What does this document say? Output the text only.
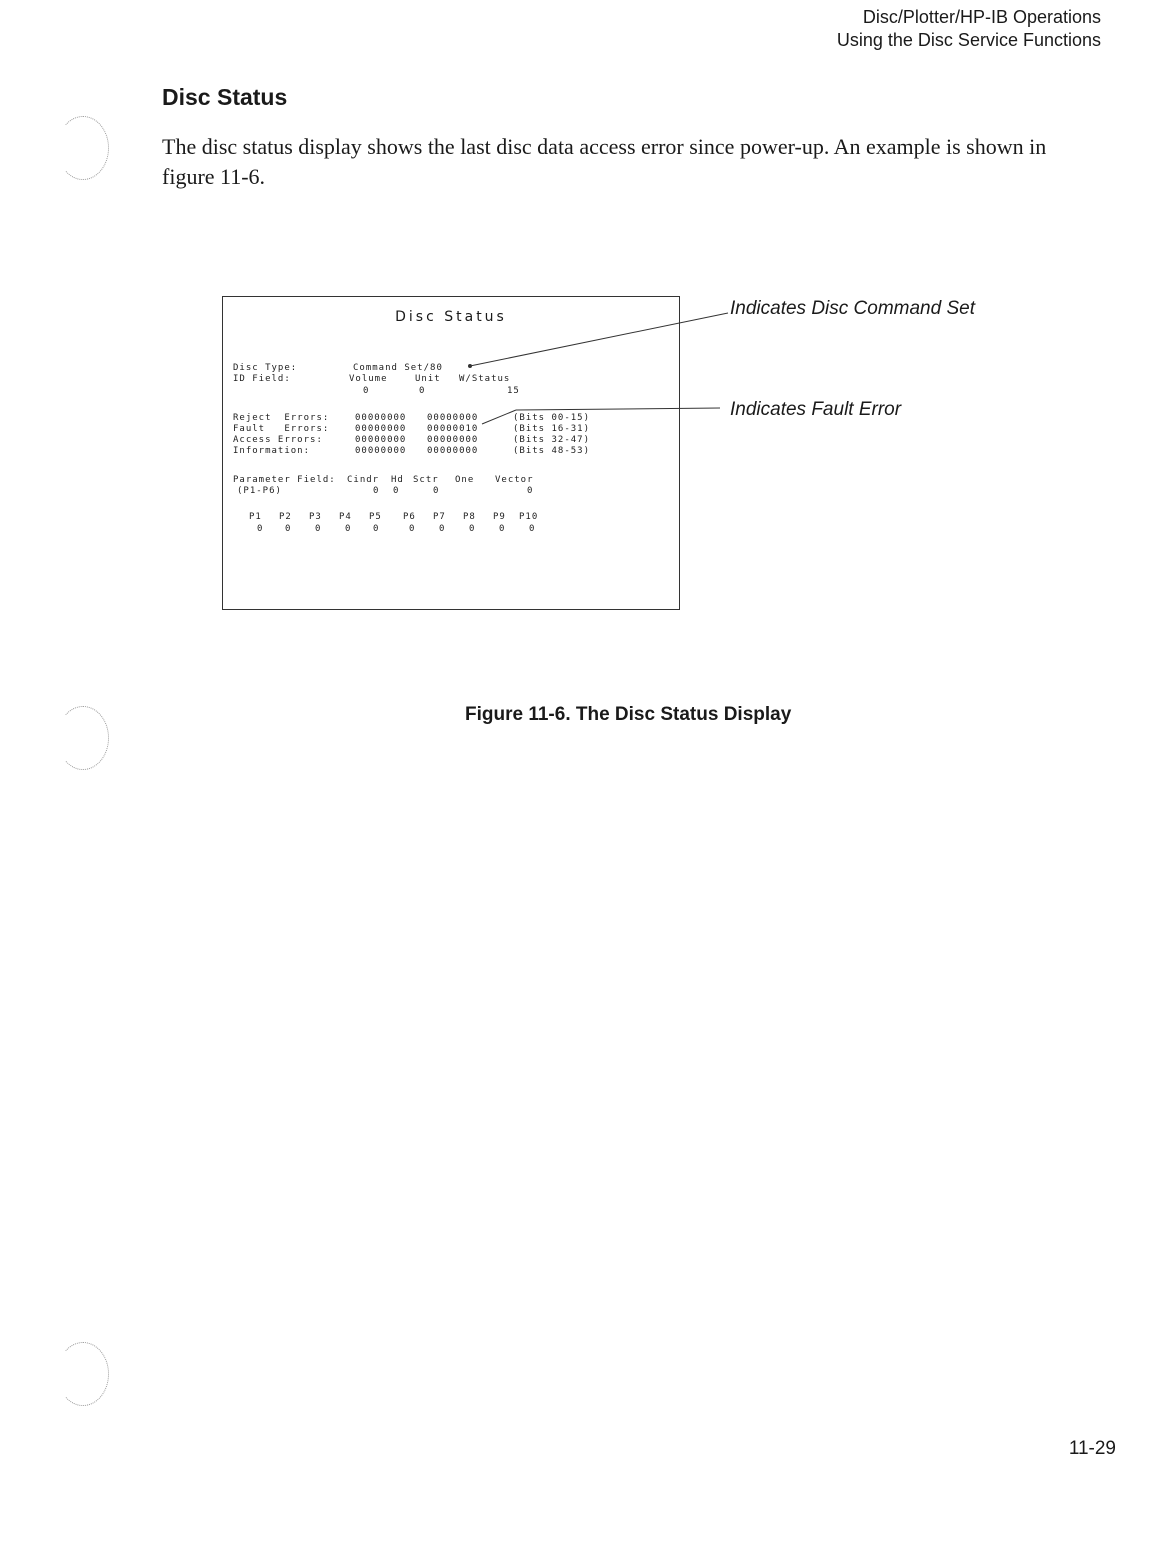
Disc/Plotter/HP-IB Operations
Using the Disc Service Functions
Disc Status
The disc status display shows the last disc data access error since power-up. An example is shown in figure 11-6.
Disc Status
Disc Type:	Command Set/80
ID Field:	Volume	Unit W/Status
0	0	15
Reject  Errors:	00000000 00000000	(Bits 00-15)
Fault   Errors:	00000000 00000010	(Bits 16-31)
Access Errors:	00000000 00000000	(Bits 32-47)
Information:	00000000 00000000	(Bits 48-53)
Parameter Field: Cindr Hd Sctr One Vector
(P1-P6)	0 0	0	0
P1 P2 P3 P4 P5 P6 P7 P8 P9 P10
0 0	0	0 0	0	0	0	0	0
Indicates Disc Command Set
Indicates Fault Error
Figure 11-6. The Disc Status Display
11-29
